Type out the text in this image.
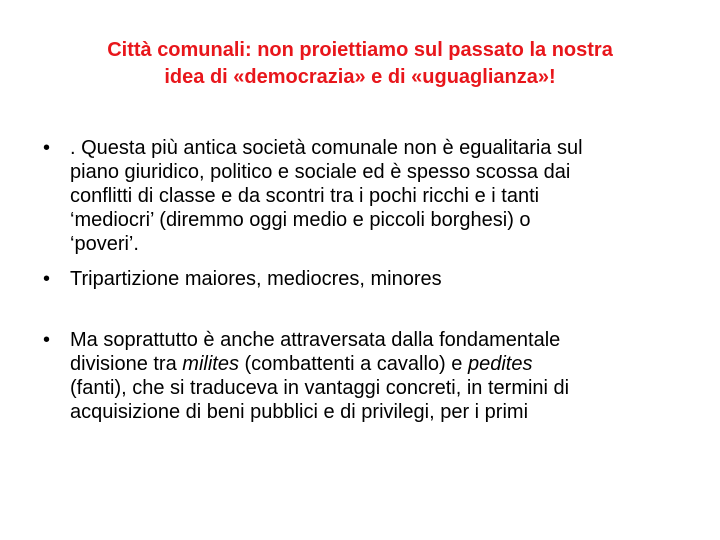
Città comunali: non proiettiamo sul passato la nostra
idea di «democrazia» e di «uguaglianza»!
• . Questa più antica società comunale non è egualitaria sul
piano giuridico, politico e sociale ed è spesso scossa dai
conflitti di classe e da scontri tra i pochi ricchi e i tanti
‘mediocri’ (diremmo oggi medio e piccoli borghesi) o
‘poveri’.
• Tripartizione maiores, mediocres, minores
• Ma soprattutto è anche attraversata dalla fondamentale
divisione tra milites (combattenti a cavallo) e pedites
(fanti), che si traduceva in vantaggi concreti, in termini di
acquisizione di beni pubblici e di privilegi, per i primi
